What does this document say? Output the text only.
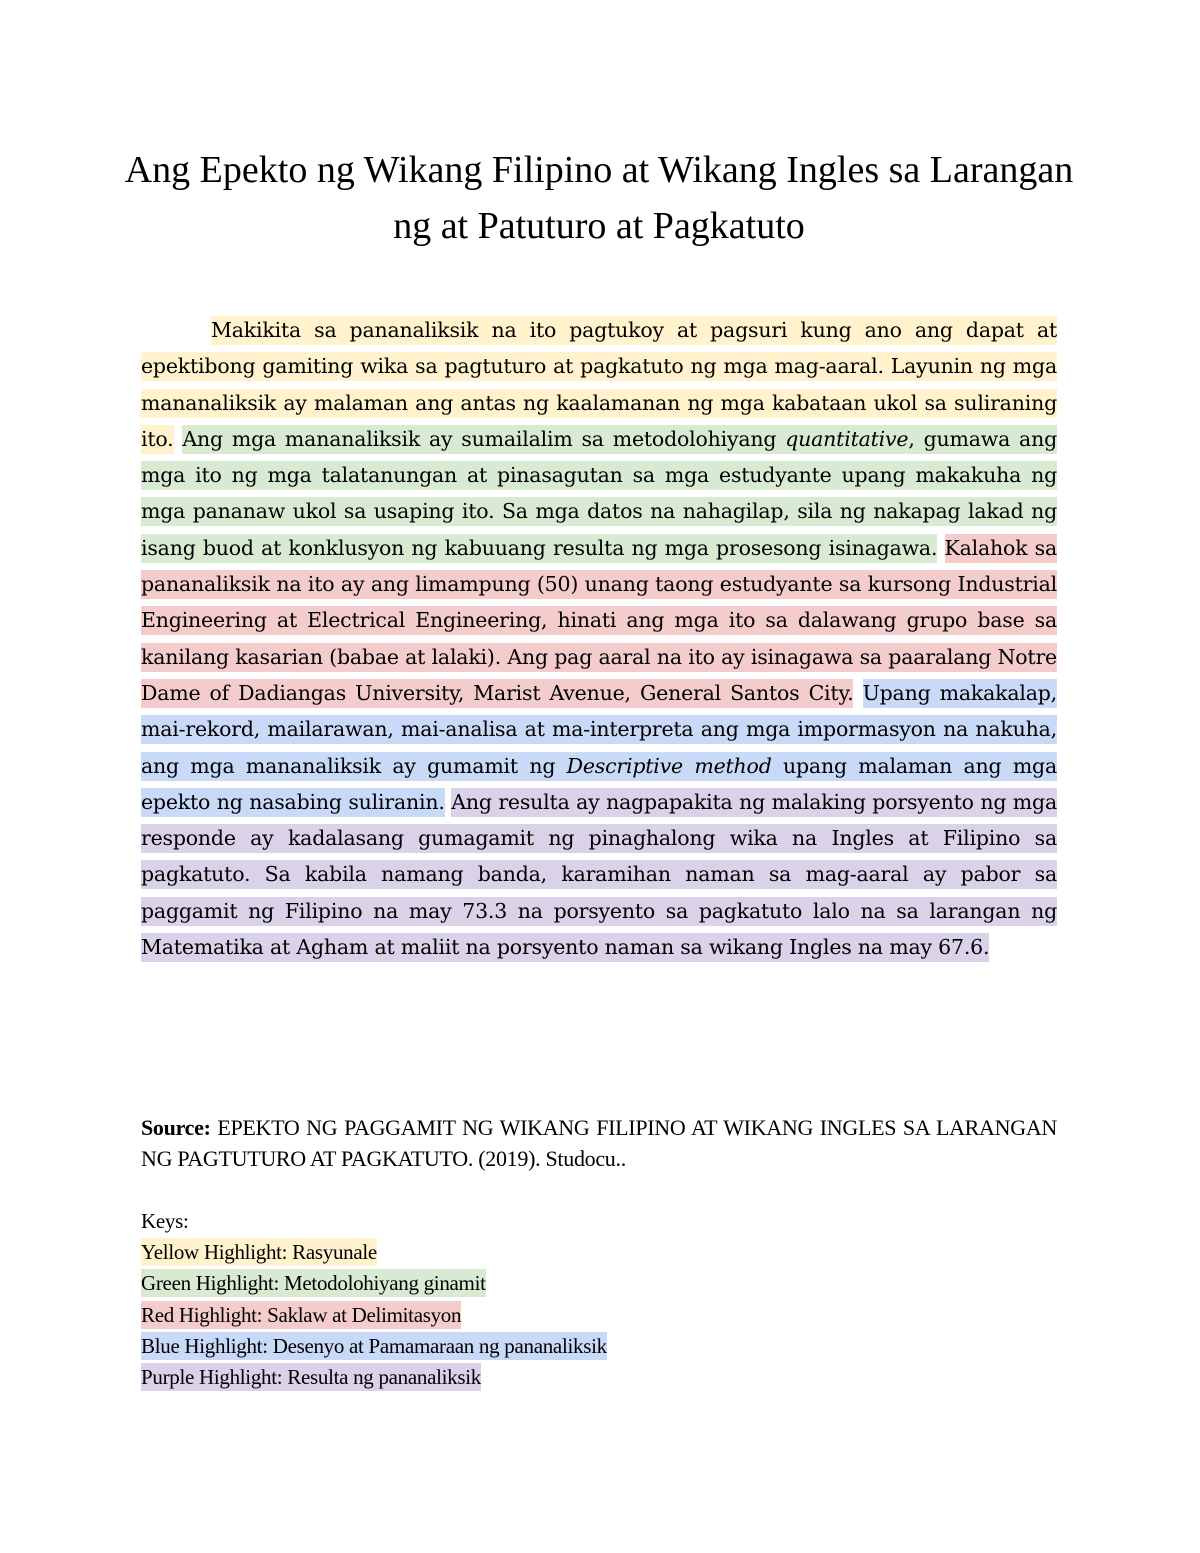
Ang Epekto ng Wikang Filipino at Wikang Ingles sa Larangan ng at Patuturo at Pagkatuto

Makikita sa pananaliksik na ito pagtukoy at pagsuri kung ano ang dapat at epektibong gamiting wika sa pagtuturo at pagkatuto ng mga mag-aaral. Layunin ng mga mananaliksik ay malaman ang antas ng kaalamanan ng mga kabataan ukol sa suliraning ito. Ang mga mananaliksik ay sumailalim sa metodolohiyang quantitative, gumawa ang mga ito ng mga talatanungan at pinasagutan sa mga estudyante upang makakuha ng mga pananaw ukol sa usaping ito. Sa mga datos na nahagilap, sila ng nakapag lakad ng isang buod at konklusyon ng kabuuang resulta ng mga prosesong isinagawa. Kalahok sa pananaliksik na ito ay ang limampung (50) unang taong estudyante sa kursong Industrial Engineering at Electrical Engineering, hinati ang mga ito sa dalawang grupo base sa kanilang kasarian (babae at lalaki). Ang pag aaral na ito ay isinagawa sa paaralang Notre Dame of Dadiangas University, Marist Avenue, General Santos City. Upang makakalap, mai-rekord, mailarawan, mai-analisa at ma-interpreta ang mga impormasyon na nakuha, ang mga mananaliksik ay gumamit ng Descriptive method upang malaman ang mga epekto ng nasabing suliranin. Ang resulta ay nagpapakita ng malaking porsyento ng mga responde ay kadalasang gumagamit ng pinaghalong wika na Ingles at Filipino sa pagkatuto. Sa kabila namang banda, karamihan naman sa mag-aaral ay pabor sa paggamit ng Filipino na may 73.3 na porsyento sa pagkatuto lalo na sa larangan ng Matematika at Agham at maliit na porsyento naman sa wikang Ingles na may 67.6.

Source: EPEKTO NG PAGGAMIT NG WIKANG FILIPINO AT WIKANG INGLES SA LARANGAN NG PAGTUTURO AT PAGKATUTO. (2019). Studocu..

Keys:
Yellow Highlight: Rasyunale
Green Highlight: Metodolohiyang ginamit
Red Highlight: Saklaw at Delimitasyon
Blue Highlight: Desenyo at Pamamaraan ng pananaliksik
Purple Highlight: Resulta ng pananaliksik
